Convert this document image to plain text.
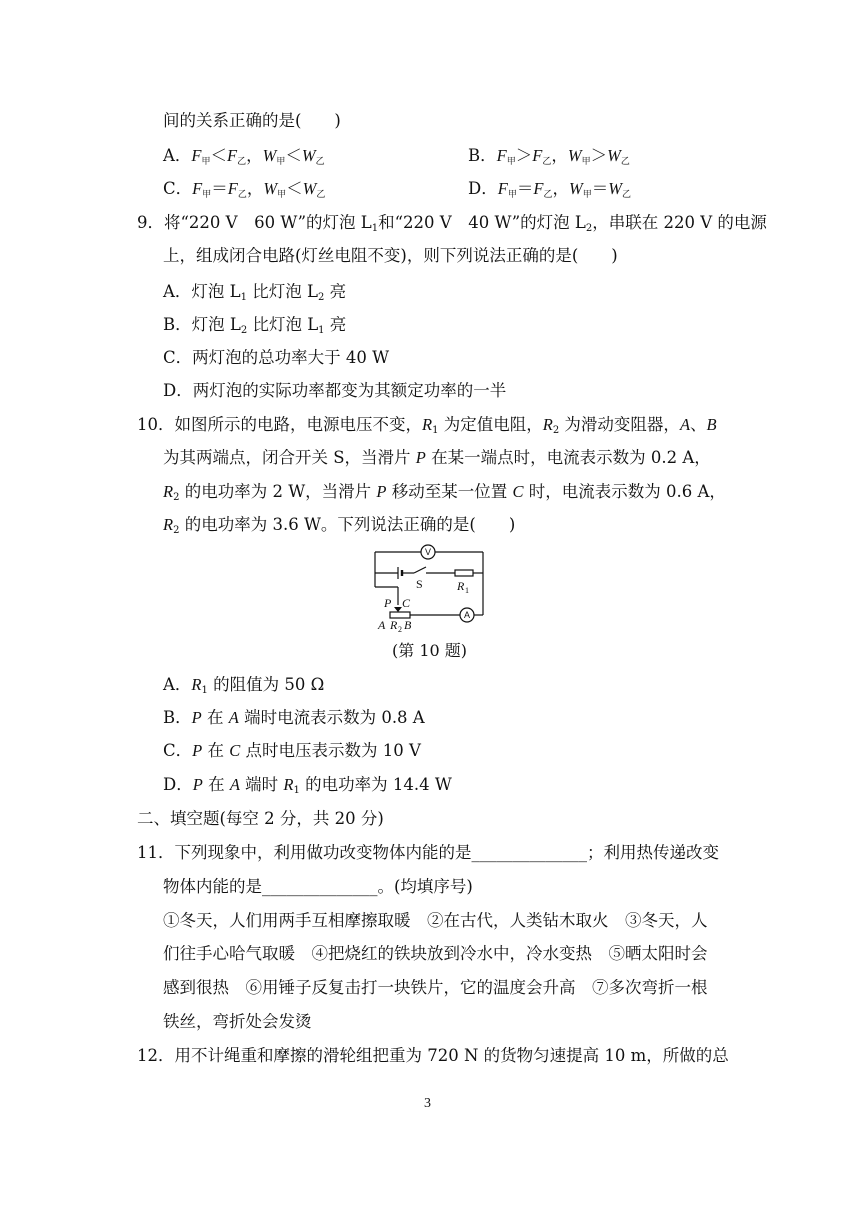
间的关系正确的是(　　)
A．F甲＜F乙，W甲＜W乙	B．F甲＞F乙，W甲＞W乙
C．F甲＝F乙，W甲＜W乙	D．F甲＝F乙，W甲＝W乙
9．将“220 V　60 W”的灯泡 $L_1$和“220 V　40 W”的灯泡 $L_2$，串联在 220 V 的电源
上，组成闭合电路(灯丝电阻不变)，则下列说法正确的是(　　)
A．灯泡 $L_1$ 比灯泡 $L_2$ 亮
B．灯泡 $L_2$ 比灯泡 $L_1$ 亮
C．两灯泡的总功率大于 40 W
D．两灯泡的实际功率都变为其额定功率的一半
10．如图所示的电路，电源电压不变，$R_1$ 为定值电阻，$R_2$ 为滑动变阻器，A、B
为其两端点，闭合开关 S，当滑片 P 在某一端点时，电流表示数为 0.2 A，
$R_2$ 的电功率为 2 W，当滑片 P 移动至某一位置 C 时，电流表示数为 0.6 A，
$R_2$ 的电功率为 3.6 W。下列说法正确的是(　　)
V
A
S	R 1
P C
A R 2 B
(第 10 题)
A．$R_1$ 的阻值为 50 Ω
B．P 在 A 端时电流表示数为 0.8 A
C．P 在 C 点时电压表示数为 10 V
D．P 在 A 端时 $R_1$ 的电功率为 14.4 W
二、填空题(每空 2 分，共 20 分)
11．下列现象中，利用做功改变物体内能的是______________；利用热传递改变
物体内能的是______________。(均填序号)
①冬天，人们用两手互相摩擦取暖　②在古代，人类钻木取火　③冬天，人
们往手心哈气取暖　④把烧红的铁块放到冷水中，冷水变热　⑤晒太阳时会
感到很热　⑥用锤子反复击打一块铁片，它的温度会升高　⑦多次弯折一根
铁丝，弯折处会发烫
12．用不计绳重和摩擦的滑轮组把重为 720 N 的货物匀速提高 10 m，所做的总
3
